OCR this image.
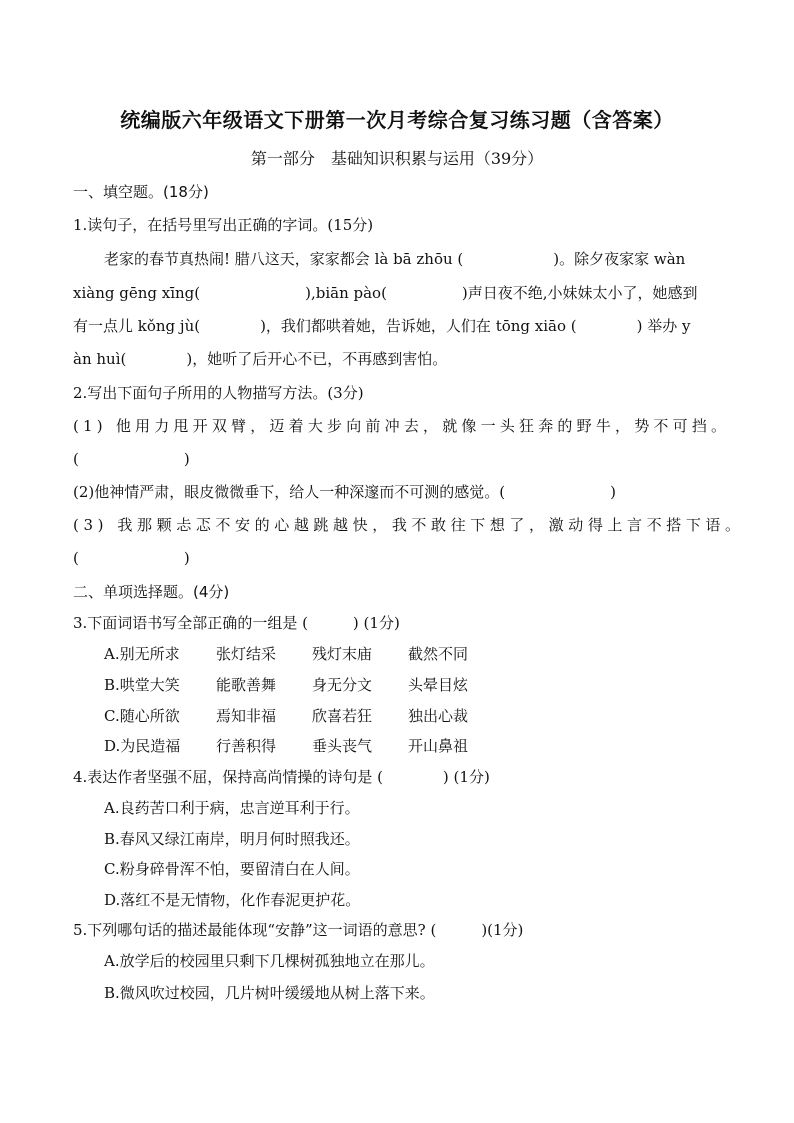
统编版六年级语文下册第一次月考综合复习练习题（含答案）
第一部分　基础知识积累与运用（39分）
一、填空题。(18分)
1.读句子，在括号里写出正确的字词。(15分)
老家的春节真热闹! 腊八这天，家家都会 là bā zhōu (　　　　　　)。除夕夜家家 wàn
xiàng gēng xīng(　　　　　　　),biān pào(　　　　　)声日夜不绝,小妹妹太小了，她感到
有一点儿 kǒng jù(　　　　)，我们都哄着她，告诉她，人们在 tōng xiāo (　　　　) 举办 y
àn huì(　　　　)，她听了后开心不已，不再感到害怕。
2.写出下面句子所用的人物描写方法。(3分)
(1) 他用力甩开双臂，迈着大步向前冲去，就像一头狂奔的野牛，势不可挡。
(　　　　　　　)
(2)他神情严肃，眼皮微微垂下，给人一种深邃而不可测的感觉。(　　　　　　　)
(3) 我那颗忐忑不安的心越跳越快，我不敢往下想了，激动得上言不搭下语。
(　　　　　　　)
二、单项选择题。(4分)
3.下面词语书写全部正确的一组是 (　　　) (1分)
A.别无所求 张灯结采 残灯末庙 截然不同
B.哄堂大笑 能歌善舞 身无分文 头晕目炫
C.随心所欲 焉知非福 欣喜若狂 独出心裁
D.为民造福 行善积得 垂头丧气 开山鼻祖
4.表达作者坚强不屈，保持高尚情操的诗句是 (　　　　) (1分)
A.良药苦口利于病，忠言逆耳利于行。
B.春风又绿江南岸，明月何时照我还。
C.粉身碎骨浑不怕，要留清白在人间。
D.落红不是无情物，化作春泥更护花。
5.下列哪句话的描述最能体现“安静”这一词语的意思? (　　　)(1分)
A.放学后的校园里只剩下几棵树孤独地立在那儿。
B.微风吹过校园，几片树叶缓缓地从树上落下来。
